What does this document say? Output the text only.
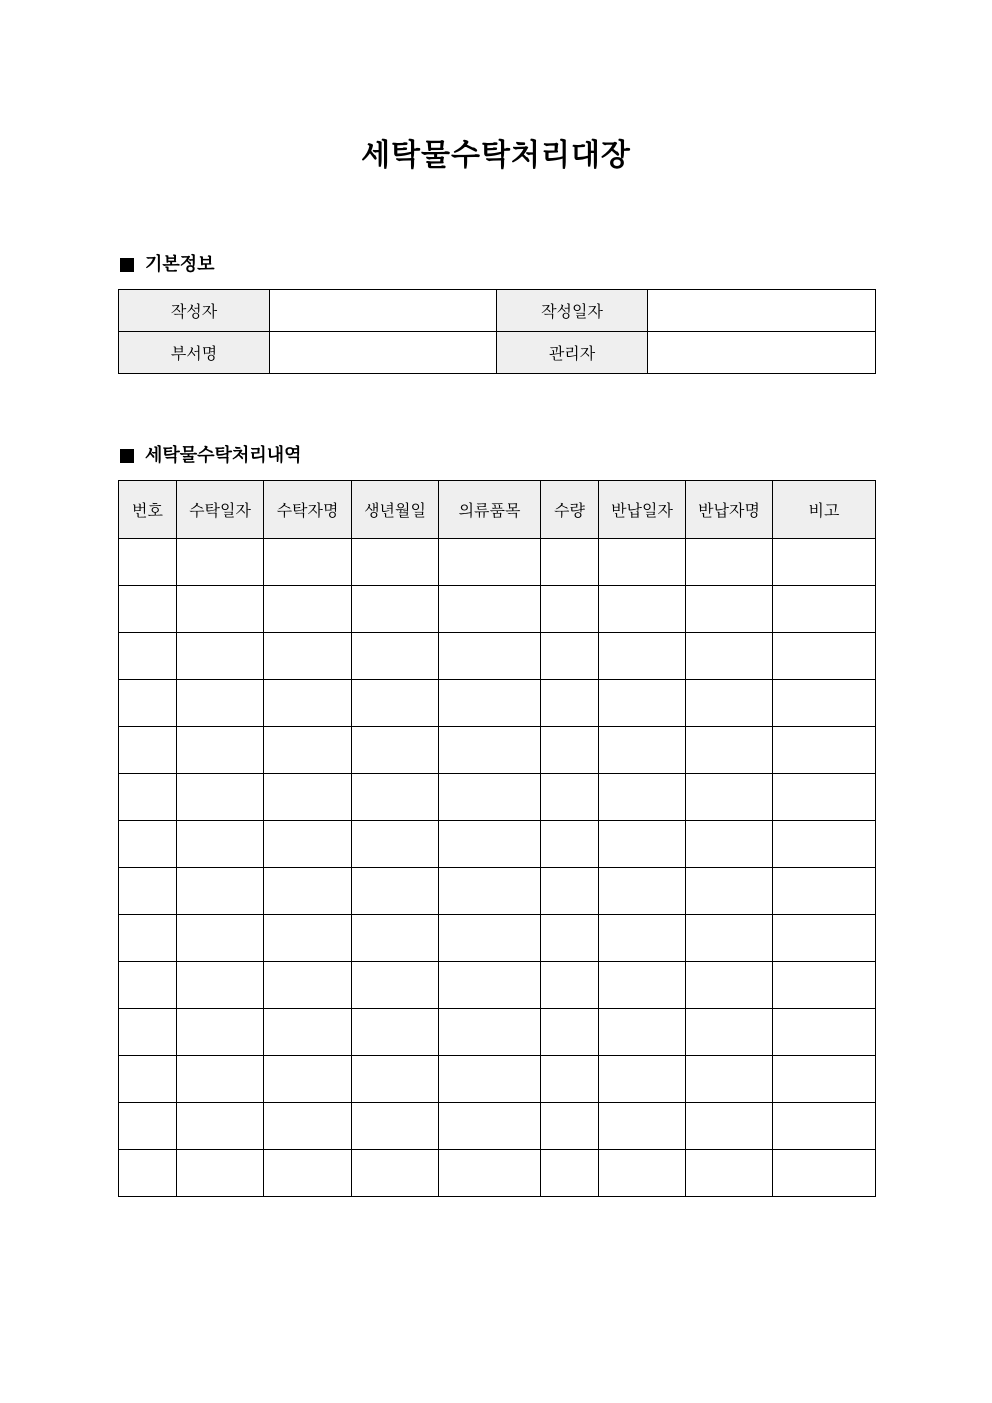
세탁물수탁처리대장
기본정보
작성자		작성일자	
부서명		관리자	
세탁물수탁처리내역
번호	수탁일자	수탁자명	생년월일	의류품목	수량	반납일자	반납자명	비고
